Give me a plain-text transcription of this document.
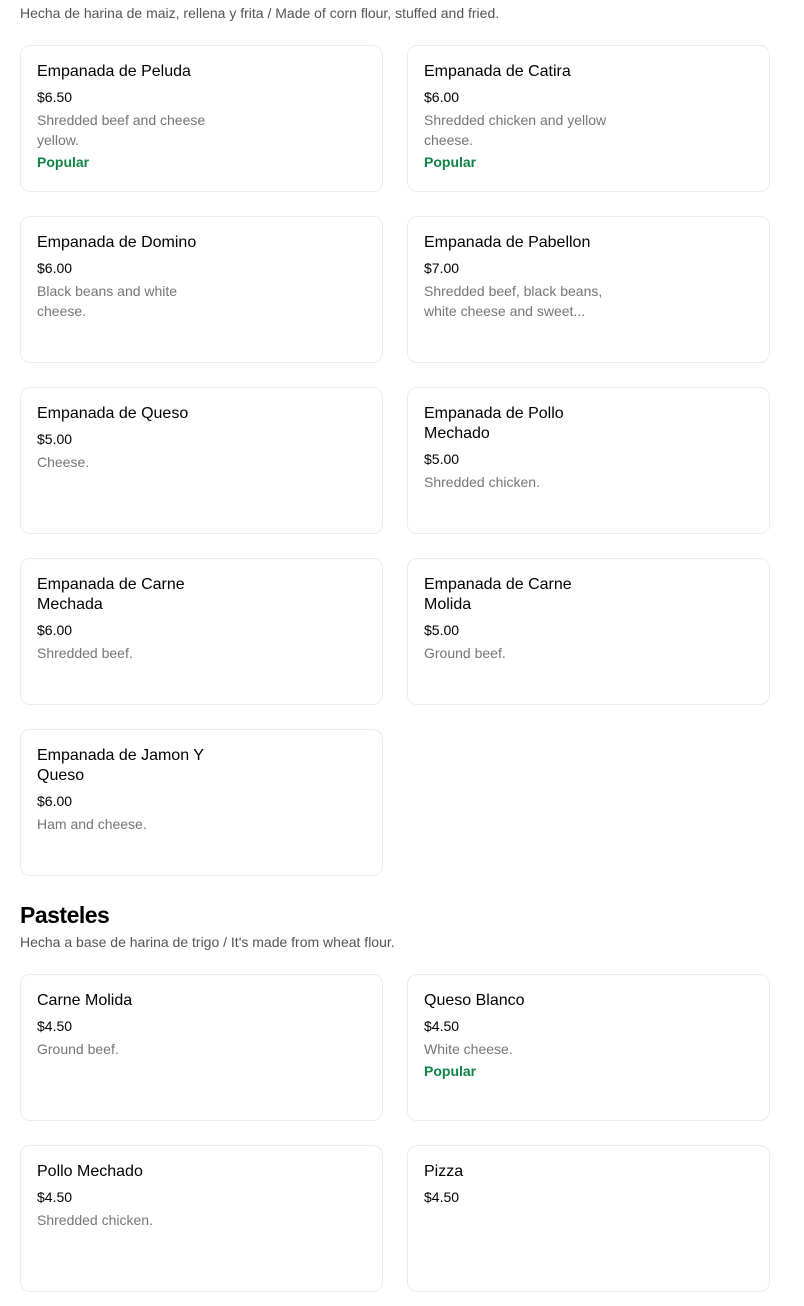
Hecha de harina de maiz, rellena y frita / Made of corn flour, stuffed and fried.
Empanada de Peluda
$6.50
Shredded beef and cheese yellow.
Popular
Empanada de Catira
$6.00
Shredded chicken and yellow cheese.
Popular
Empanada de Domino
$6.00
Black beans and white cheese.
Empanada de Pabellon
$7.00
Shredded beef, black beans, white cheese and sweet...
Empanada de Queso
$5.00
Cheese.
Empanada de Pollo Mechado
$5.00
Shredded chicken.
Empanada de Carne Mechada
$6.00
Shredded beef.
Empanada de Carne Molida
$5.00
Ground beef.
Empanada de Jamon Y Queso
$6.00
Ham and cheese.
Pasteles
Hecha a base de harina de trigo / It's made from wheat flour.
Carne Molida
$4.50
Ground beef.
Queso Blanco
$4.50
White cheese.
Popular
Pollo Mechado
$4.50
Shredded chicken.
Pizza
$4.50
